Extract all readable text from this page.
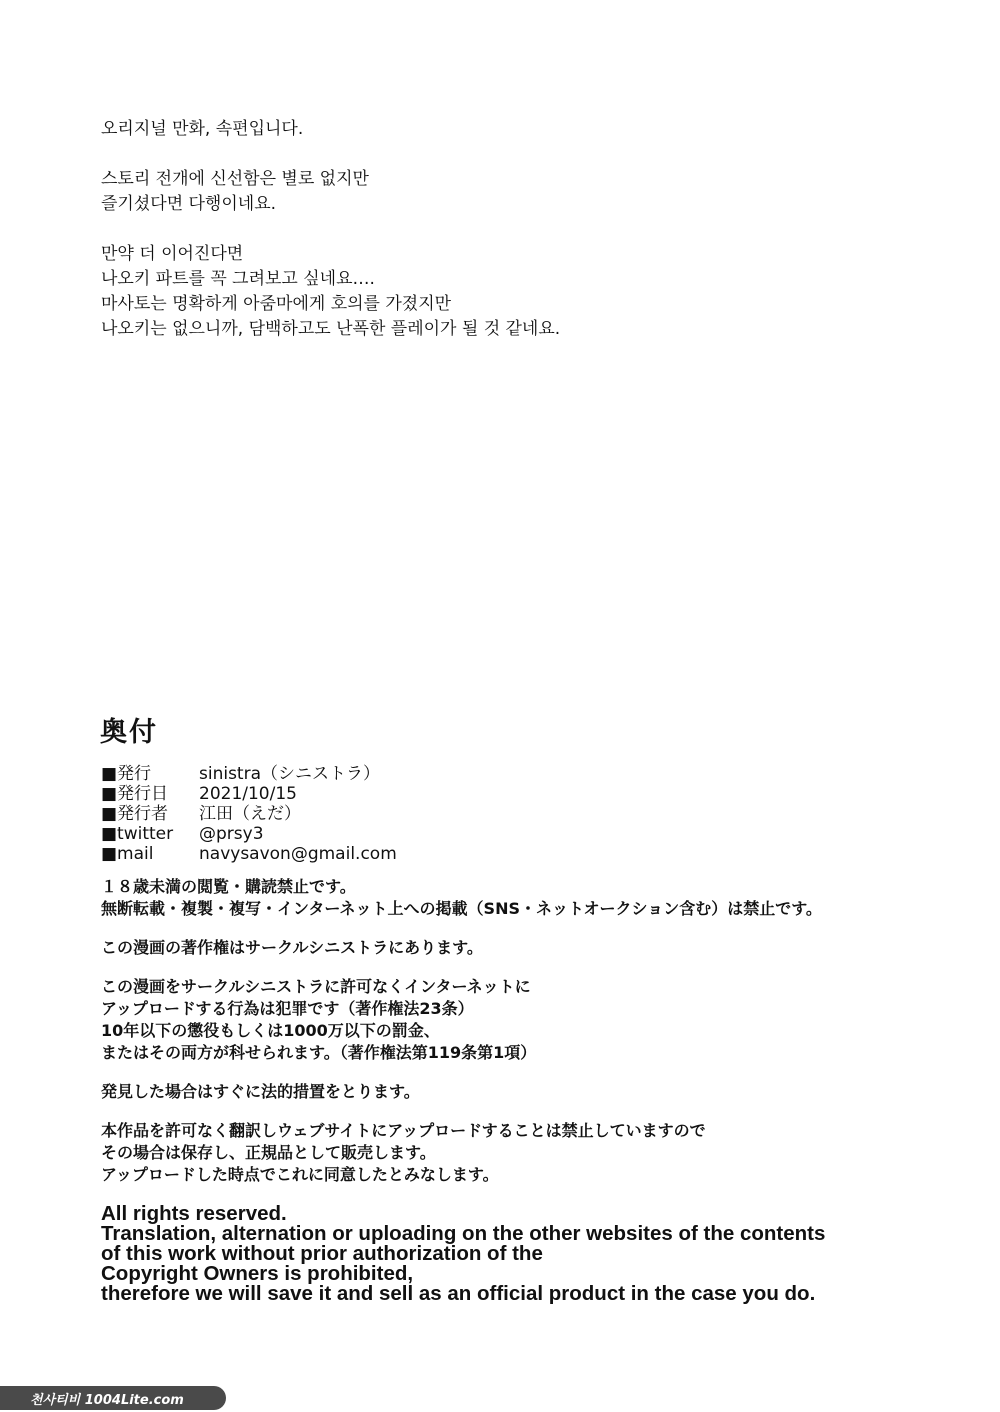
오리지널 만화, 속편입니다.
스토리 전개에 신선함은 별로 없지만
즐기셨다면 다행이네요.
만약 더 이어진다면
나오키 파트를 꼭 그려보고 싶네요….
마사토는 명확하게 아줌마에게 호의를 가졌지만
나오키는 없으니까, 담백하고도 난폭한 플레이가 될 것 같네요.
奥付
■発行	sinistra（シニストラ）
■発行日	2021/10/15
■発行者	江田（えだ）
■twitter	@prsy3
■mail	navysavon@gmail.com
１８歳未満の閲覧・購読禁止です。
無断転載・複製・複写・インターネット上への掲載（SNS・ネットオークション含む）は禁止です。
この漫画の著作権はサークルシニストラにあります。
この漫画をサークルシニストラに許可なくインターネットに
アップロードする行為は犯罪です（著作権法23条）
10年以下の懲役もしくは1000万以下の罰金、
またはその両方が科せられます。（著作権法第119条第1項）
発見した場合はすぐに法的措置をとります。
本作品を許可なく翻訳しウェブサイトにアップロードすることは禁止していますので
その場合は保存し、正規品として販売します。
アップロードした時点でこれに同意したとみなします。
All rights reserved.
Translation, alternation or uploading on the other websites of the contents
of this work without prior authorization of the
Copyright Owners is prohibited,
therefore we will save it and sell as an official product in the case you do.
천사티비 1004Lite.com
